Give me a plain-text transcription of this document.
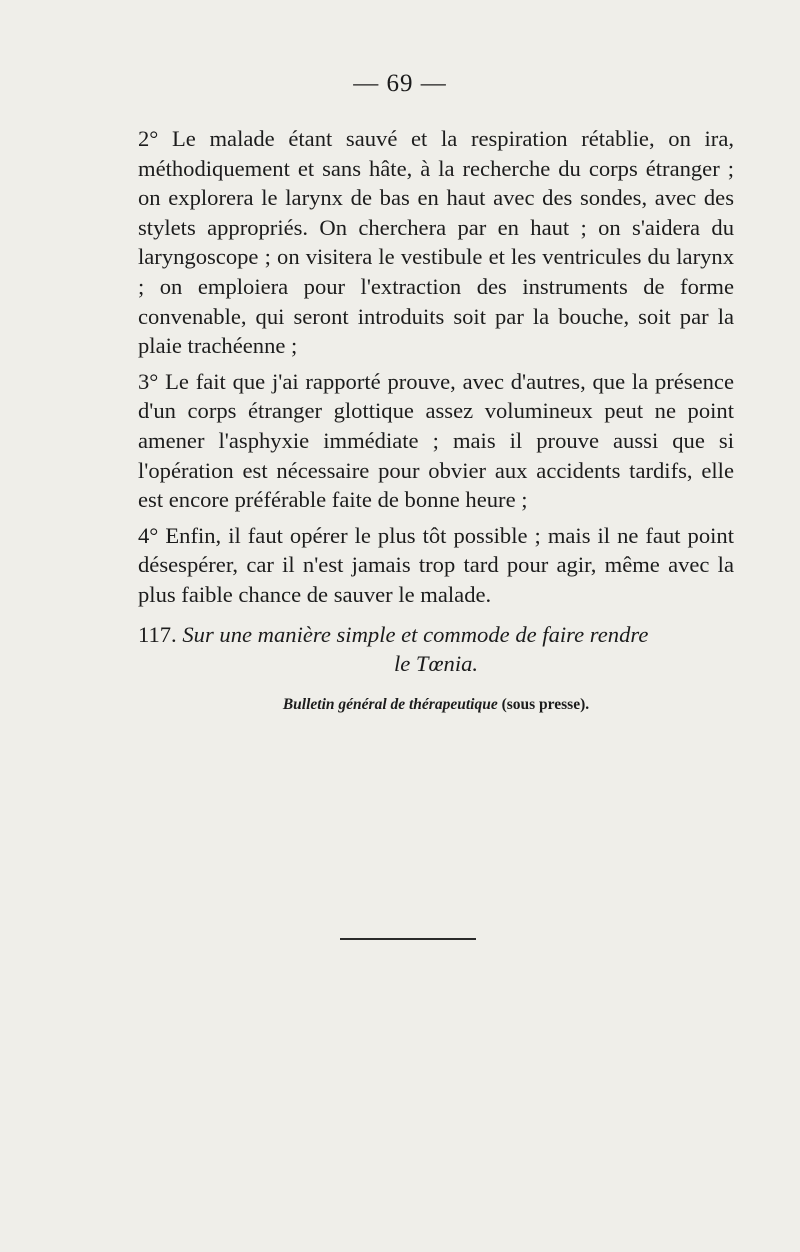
— 69 —

2° Le malade étant sauvé et la respiration rétablie, on ira, méthodiquement et sans hâte, à la recherche du corps étranger ; on explorera le larynx de bas en haut avec des sondes, avec des stylets appropriés. On cherchera par en haut ; on s'aidera du laryngoscope ; on visitera le vestibule et les ventricules du larynx ; on emploiera pour l'extraction des instruments de forme convenable, qui seront introduits soit par la bouche, soit par la plaie trachéenne ;

3° Le fait que j'ai rapporté prouve, avec d'autres, que la présence d'un corps étranger glottique assez volumineux peut ne point amener l'asphyxie immédiate ; mais il prouve aussi que si l'opération est nécessaire pour obvier aux accidents tardifs, elle est encore préférable faite de bonne heure ;

4° Enfin, il faut opérer le plus tôt possible ; mais il ne faut point désespérer, car il n'est jamais trop tard pour agir, même avec la plus faible chance de sauver le malade.

117. Sur une manière simple et commode de faire rendre
le Tœnia.
Bulletin général de thérapeutique (sous presse).
